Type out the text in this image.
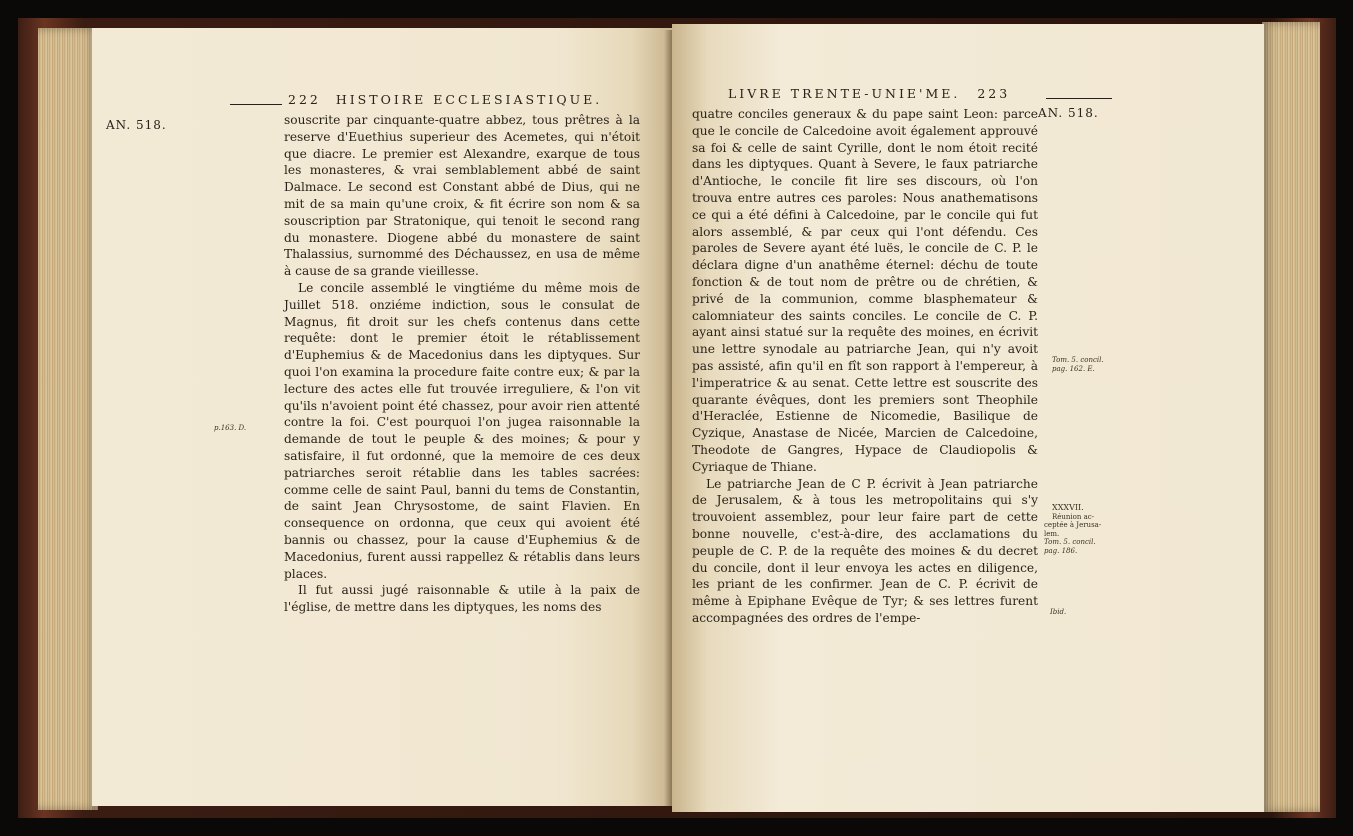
222 HISTOIRE ECCLESIASTIQUE.
AN. 518.	souscrite par cinquante-quatre abbez, tous prêtres à la reserve d'Euethius superieur des Acemetes, qui n'étoit que diacre. Le premier est Alexandre, exarque de tous les monasteres, & vrai semblablement abbé de saint Dalmace. Le second est Constant abbé de Dius, qui ne mit de sa main qu'une croix, & fit écrire son nom & sa souscription par Stratonique, qui tenoit le second rang du monastere. Diogene abbé du monastere de saint Thalassius, surnommé des Déchaussez, en usa de même à cause de sa grande vieillesse.

Le concile assemblé le vingtiéme du même mois de Juillet 518. onziéme indiction, sous le consulat de Magnus, fit droit sur les chefs contenus dans cette requête: dont le premier étoit le rétablissement d'Euphemius & de Macedonius dans les diptyques. Sur quoi l'on examina la procedure faite contre eux; & par la lecture des actes elle fut trouvée irreguliere, & l'on vit qu'ils n'avoient point été chassez, pour avoir rien attenté contre la foi. C'est pourquoi l'on jugea raisonnable la demande de tout le peuple & des moines; & pour y satisfaire, il fut ordonné, que la memoire de ces deux patriarches seroit rétablie dans les tables sacrées: comme celle de saint Paul, banni du tems de Constantin, de saint Jean Chrysostome, de saint Flavien. En consequence on ordonna, que ceux qui avoient été bannis ou chassez, pour la cause d'Euphemius & de Macedonius, furent aussi rappellez & rétablis dans leurs places.

Il fut aussi jugé raisonnable & utile à la paix de l'église, de mettre dans les diptyques, les noms des

p.163. D.
LIVRE TRENTE-UNIE'ME. 223
AN. 518.

quatre conciles generaux & du pape saint Leon: parce que le concile de Calcedoine avoit également approuvé sa foi & celle de saint Cyrille, dont le nom étoit recité dans les diptyques. Quant à Severe, le faux patriarche d'Antioche, le concile fit lire ses discours, où l'on trouva entre autres ces paroles: Nous anathematisons ce qui a été défini à Calcedoine, par le concile qui fut alors assemblé, & par ceux qui l'ont défendu. Ces paroles de Severe ayant été luës, le concile de C. P. le déclara digne d'un anathême éternel: déchu de toute fonction & de tout nom de prêtre ou de chrétien, & privé de la communion, comme blasphemateur & calomniateur des saints conciles. Le concile de C. P. ayant ainsi statué sur la requête des moines, en écrivit une lettre synodale au patriarche Jean, qui n'y avoit pas assisté, afin qu'il en fît son rapport à l'empereur, à l'imperatrice & au senat. Cette lettre est souscrite des quarante évêques, dont les premiers sont Theophile d'Heraclée, Estienne de Nicomedie, Basilique de Cyzique, Anastase de Nicée, Marcien de Calcedoine, Theodote de Gangres, Hypace de Claudiopolis & Cyriaque de Thiane.

Le patriarche Jean de C P. écrivit à Jean patriarche de Jerusalem, & à tous les metropolitains qui s'y trouvoient assemblez, pour leur faire part de cette bonne nouvelle, c'est-à-dire, des acclamations du peuple de C. P. de la requête des moines & du decret du concile, dont il leur envoya les actes en diligence, les priant de les confirmer. Jean de C. P. écrivit de même à Epiphane Evêque de Tyr; & ses lettres furent accompagnées des ordres de l'empe-

Tom. 5. concil.
pag. 162. E.
XXXVII.
Réunion ac-
ceptée à Jerusa-
lem.
Tom. 5. concil.
pag. 186.
Ibid.
